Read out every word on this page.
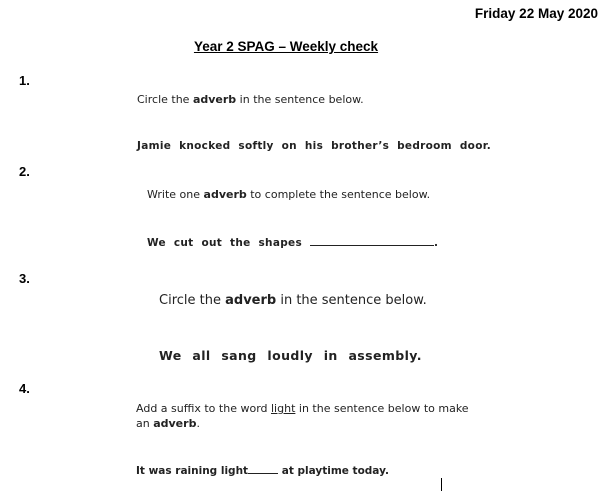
Friday 22 May 2020
Year 2 SPAG – Weekly check
1.
Circle the adverb in the sentence below.
Jamie knocked softly on his brother’s bedroom door.
2.
Write one adverb to complete the sentence below.
We cut out the shapes	.
3.
Circle the adverb in the sentence below.
We all sang loudly in assembly.
4.
Add a suffix to the word light in the sentence below to make
an adverb.
It was raining light	at playtime today.
